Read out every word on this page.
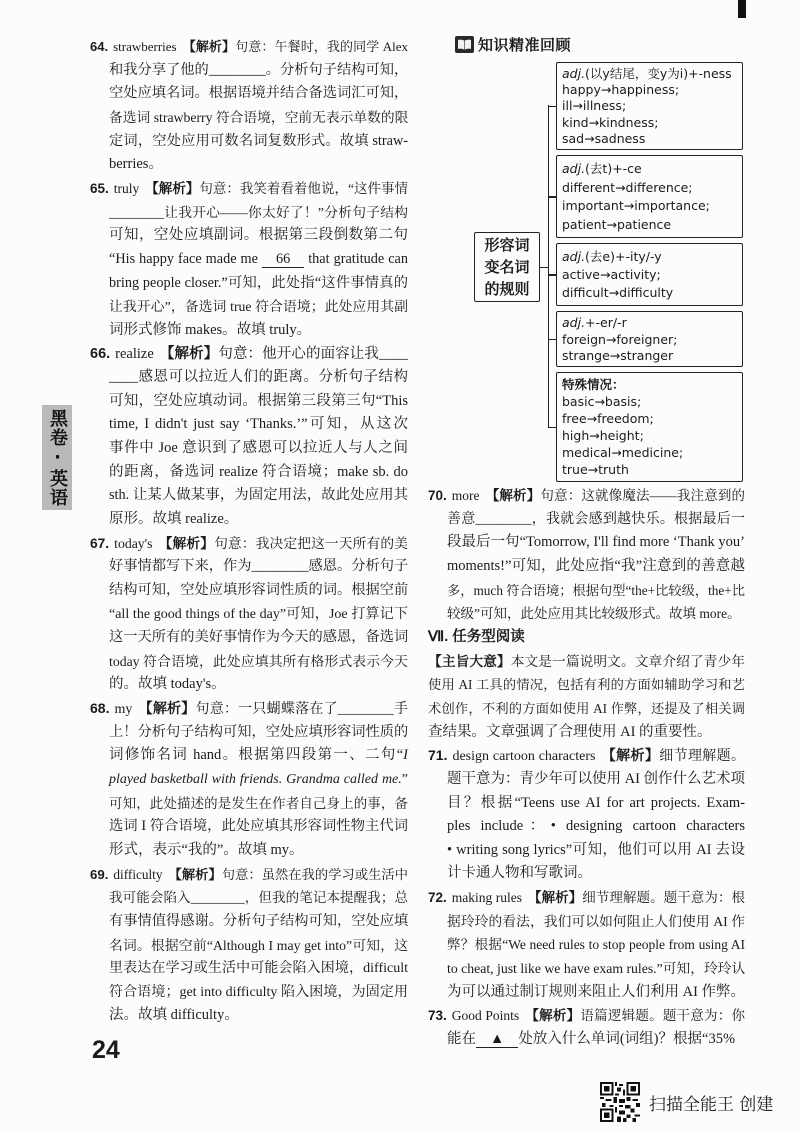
黑卷·英语
64. strawberries 【解析】句意：午餐时，我的同学 Alex
和我分享了他的________。分析句子结构可知，
空处应填名词。根据语境并结合备选词汇可知，
备选词 strawberry 符合语境，空前无表示单数的限
定词，空处应用可数名词复数形式。故填 straw-
berries。
65. truly 【解析】句意：我笑着看着他说，“这件事情
________让我开心——你太好了！”分析句子结构
可知，空处应填副词。根据第三段倒数第二句
“His happy face made me 66 that gratitude can
bring people closer.”可知，此处指“这件事情真的
让我开心”，备选词 true 符合语境；此处应用其副
词形式修饰 makes。故填 truly。
66. realize 【解析】句意：他开心的面容让我____
____感恩可以拉近人们的距离。分析句子结构
可知，空处应填动词。根据第三段第三句“This
time, I didn't just say ‘Thanks.’”可知，从这次
事件中 Joe 意识到了感恩可以拉近人与人之间
的距离，备选词 realize 符合语境；make sb. do
sth. 让某人做某事，为固定用法，故此处应用其
原形。故填 realize。
67. today's 【解析】句意：我决定把这一天所有的美
好事情都写下来，作为________感恩。分析句子
结构可知，空处应填形容词性质的词。根据空前
“all the good things of the day”可知，Joe 打算记下
这一天所有的美好事情作为今天的感恩，备选词
today 符合语境，此处应填其所有格形式表示今天
的。故填 today's。
68. my 【解析】句意：一只蝴蝶落在了________手
上！分析句子结构可知，空处应填形容词性质的
词修饰名词 hand。根据第四段第一、二句“I
played basketball with friends. Grandma called me.”
可知，此处描述的是发生在作者自己身上的事，备
选词 I 符合语境，此处应填其形容词性物主代词
形式，表示“我的”。故填 my。
69. difficulty 【解析】句意：虽然在我的学习或生活中
我可能会陷入________，但我的笔记本提醒我；总
有事情值得感谢。分析句子结构可知，空处应填
名词。根据空前“Although I may get into”可知，这
里表达在学习或生活中可能会陷入困境，difficult
符合语境；get into difficulty 陷入困境，为固定用
法。故填 difficulty。
知识精准回顾
形容词
变名词
的规则
adj.(以y结尾，变y为i)+-ness
happy→happiness;
ill→illness;
kind→kindness;
sad→sadness
adj.(去t)+-ce
different→difference;
important→importance;
patient→patience
adj.(去e)+-ity/-y
active→activity;
difficult→difficulty
adj.+-er/-r
foreign→foreigner;
strange→stranger
特殊情况：
basic→basis;
free→freedom;
high→height;
medical→medicine;
true→truth
70. more 【解析】句意：这就像魔法——我注意到的
善意________，我就会感到越快乐。根据最后一
段最后一句“Tomorrow, I'll find more ‘Thank you’
moments!”可知，此处应指“我”注意到的善意越
多，much 符合语境；根据句型“the+比较级，the+比
较级”可知，此处应用其比较级形式。故填 more。
Ⅶ. 任务型阅读
【主旨大意】本文是一篇说明文。文章介绍了青少年
使用 AI 工具的情况，包括有利的方面如辅助学习和艺
术创作，不利的方面如使用 AI 作弊，还提及了相关调
查结果。文章强调了合理使用 AI 的重要性。
71. design cartoon characters 【解析】细节理解题。
题干意为：青少年可以使用 AI 创作什么艺术项
目？根据“Teens use AI for art projects. Exam-
ples include：• designing cartoon characters
• writing song lyrics”可知，他们可以用 AI 去设
计卡通人物和写歌词。
72. making rules 【解析】细节理解题。题干意为：根
据玲玲的看法，我们可以如何阻止人们使用 AI 作
弊？根据“We need rules to stop people from using AI
to cheat, just like we have exam rules.”可知，玲玲认
为可以通过制订规则来阻止人们利用 AI 作弊。
73. Good Points 【解析】语篇逻辑题。题干意为：你
能在 ▲ 处放入什么单词(词组)？根据“35%
24
扫描全能王 创建
